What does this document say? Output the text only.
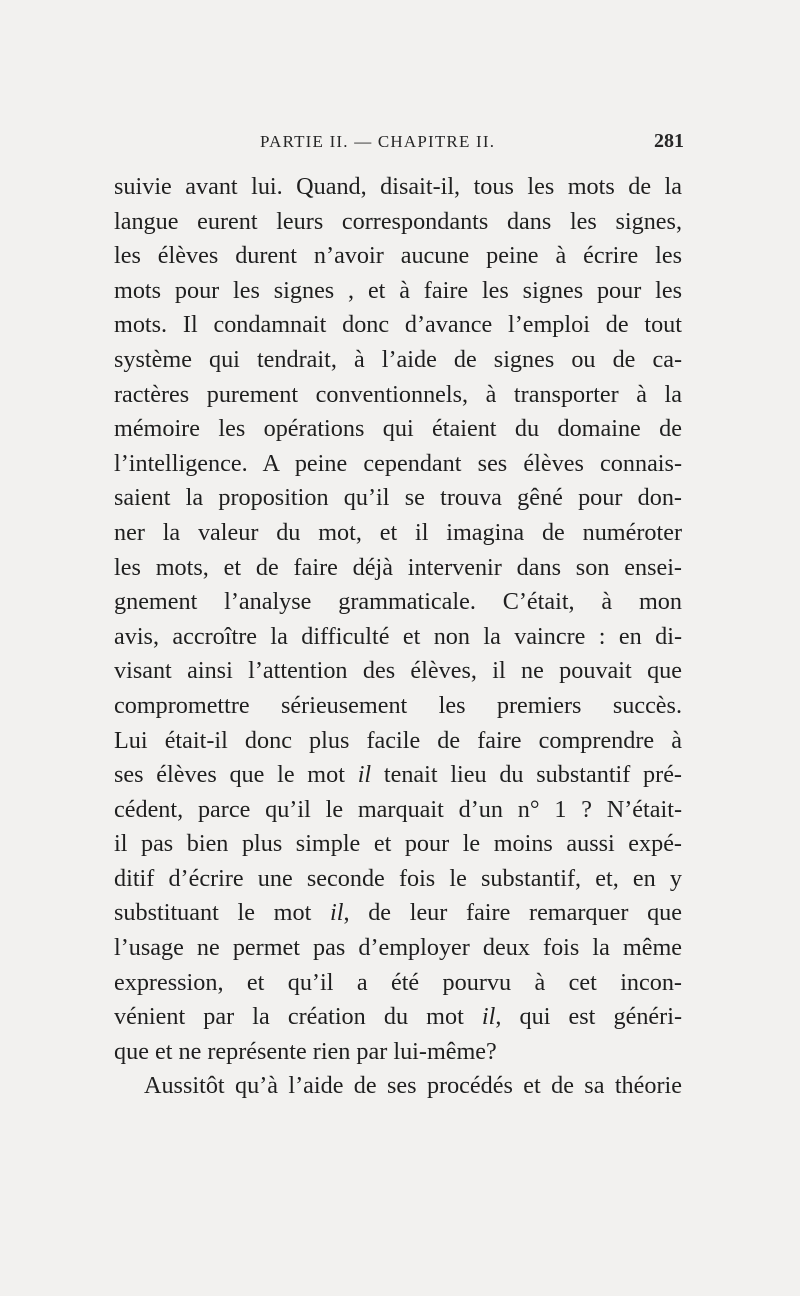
PARTIE II. — CHAPITRE II.	281
suivie avant lui. Quand, disait-il, tous les mots de la
langue eurent leurs correspondants dans les signes,
les élèves durent n’avoir aucune peine à écrire les
mots pour les signes , et à faire les signes pour les
mots. Il condamnait donc d’avance l’emploi de tout
système qui tendrait, à l’aide de signes ou de ca-
ractères purement conventionnels, à transporter à la
mémoire les opérations qui étaient du domaine de
l’intelligence. A peine cependant ses élèves connais-
saient la proposition qu’il se trouva gêné pour don-
ner la valeur du mot, et il imagina de numéroter
les mots, et de faire déjà intervenir dans son ensei-
gnement l’analyse grammaticale. C’était, à mon
avis, accroître la difficulté et non la vaincre : en di-
visant ainsi l’attention des élèves, il ne pouvait que
compromettre sérieusement les premiers succès.
Lui était-il donc plus facile de faire comprendre à
ses élèves que le mot il tenait lieu du substantif pré-
cédent, parce qu’il le marquait d’un n° 1 ? N’était-
il pas bien plus simple et pour le moins aussi expé-
ditif d’écrire une seconde fois le substantif, et, en y
substituant le mot il, de leur faire remarquer que
l’usage ne permet pas d’employer deux fois la même
expression, et qu’il a été pourvu à cet incon-
vénient par la création du mot il, qui est généri-
que et ne représente rien par lui-même?
Aussitôt qu’à l’aide de ses procédés et de sa théorie
